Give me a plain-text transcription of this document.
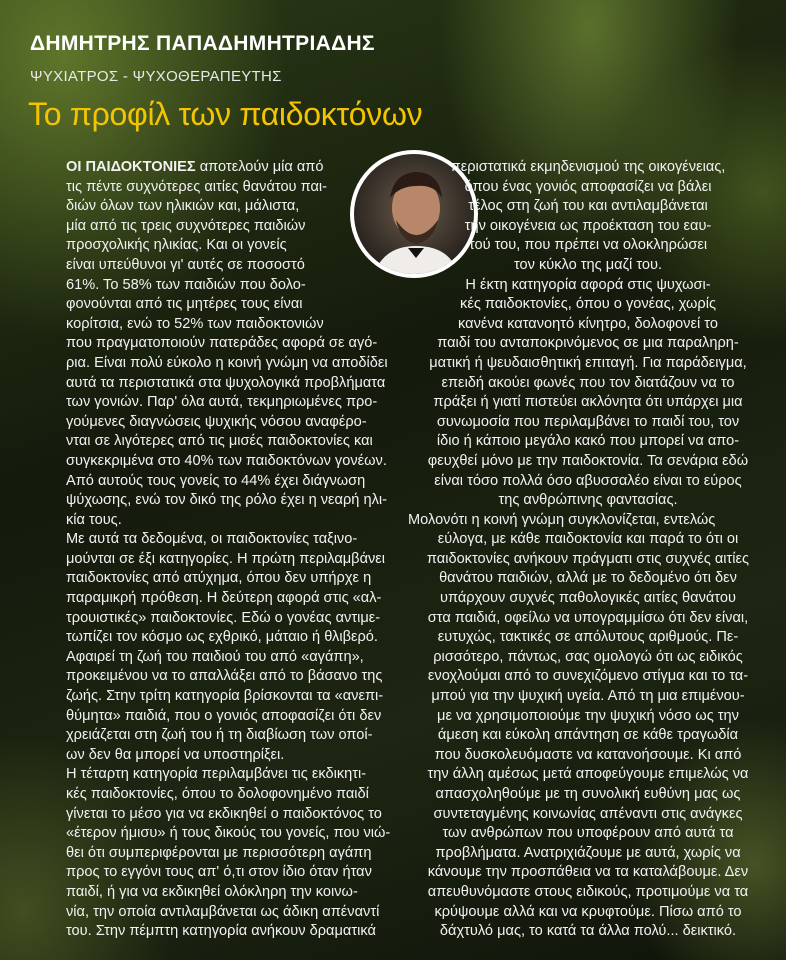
ΔΗΜΗΤΡΗΣ ΠΑΠΑΔΗΜΗΤΡΙΑΔΗΣ
ΨΥΧΙΑΤΡΟΣ - ΨΥΧΟΘΕΡΑΠΕΥΤΗΣ
Το προφίλ των παιδοκτόνων

ΟΙ ΠΑΙΔΟΚΤΟΝΙΕΣ αποτελούν μία από

τις πέντε συχνότερες αιτίες θανάτου παι-

διών όλων των ηλικιών και, μάλιστα,

μία από τις τρεις συχνότερες παιδιών

προσχολικής ηλικίας. Και οι γονείς

είναι υπεύθυνοι γι' αυτές σε ποσοστό

61%. Το 58% των παιδιών που δολο-

φονούνται από τις μητέρες τους είναι

κορίτσια, ενώ το 52% των παιδοκτονιών

που πραγματοποιούν πατεράδες αφορά σε αγό-

ρια. Είναι πολύ εύκολο η κοινή γνώμη να αποδίδει

αυτά τα περιστατικά στα ψυχολογικά προβλήματα

των γονιών. Παρ' όλα αυτά, τεκμηριωμένες προ-

γούμενες διαγνώσεις ψυχικής νόσου αναφέρο-

νται σε λιγότερες από τις μισές παιδοκτονίες και

συγκεκριμένα στο 40% των παιδοκτόνων γονέων.

Από αυτούς τους γονείς το 44% έχει διάγνωση

ψύχωσης, ενώ τον δικό της ρόλο έχει η νεαρή ηλι-

κία τους.

Με αυτά τα δεδομένα, οι παιδοκτονίες ταξινο-

μούνται σε έξι κατηγορίες. Η πρώτη περιλαμβάνει

παιδοκτονίες από ατύχημα, όπου δεν υπήρχε η

παραμικρή πρόθεση. Η δεύτερη αφορά στις «αλ-

τρουιστικές» παιδοκτονίες. Εδώ ο γονέας αντιμε-

τωπίζει τον κόσμο ως εχθρικό, μάταιο ή θλιβερό.

Αφαιρεί τη ζωή του παιδιού του από «αγάπη»,

προκειμένου να το απαλλάξει από το βάσανο της

ζωής. Στην τρίτη κατηγορία βρίσκονται τα «ανεπι-

θύμητα» παιδιά, που ο γονιός αποφασίζει ότι δεν

χρειάζεται στη ζωή του ή τη διαβίωση των οποί-

ων δεν θα μπορεί να υποστηρίξει.

Η τέταρτη κατηγορία περιλαμβάνει τις εκδικητι-

κές παιδοκτονίες, όπου το δολοφονημένο παιδί

γίνεται το μέσο για να εκδικηθεί ο παιδοκτόνος το

«έτερον ήμισυ» ή τους δικούς του γονείς, που νιώ-

θει ότι συμπεριφέρονται με περισσότερη αγάπη

προς το εγγόνι τους απ' ό,τι στον ίδιο όταν ήταν

παιδί, ή για να εκδικηθεί ολόκληρη την κοινω-

νία, την οποία αντιλαμβάνεται ως άδικη απέναντί

του. Στην πέμπτη κατηγορία ανήκουν δραματικά

περιστατικά εκμηδενισμού της οικογένειας,

όπου ένας γονιός αποφασίζει να βάλει

τέλος στη ζωή του και αντιλαμβάνεται

την οικογένεια ως προέκταση του εαυ-

τού του, που πρέπει να ολοκληρώσει

τον κύκλο της μαζί του.

Η έκτη κατηγορία αφορά στις ψυχωσι-

κές παιδοκτονίες, όπου ο γονέας, χωρίς

κανένα κατανοητό κίνητρο, δολοφονεί το

παιδί του ανταποκρινόμενος σε μια παραληρη-

ματική ή ψευδαισθητική επιταγή. Για παράδειγμα,

επειδή ακούει φωνές που τον διατάζουν να το

πράξει ή γιατί πιστεύει ακλόνητα ότι υπάρχει μια

συνωμοσία που περιλαμβάνει το παιδί του, τον

ίδιο ή κάποιο μεγάλο κακό που μπορεί να απο-

φευχθεί μόνο με την παιδοκτονία. Τα σενάρια εδώ

είναι τόσο πολλά όσο αβυσσαλέο είναι το εύρος

της ανθρώπινης φαντασίας.

Μολονότι η κοινή γνώμη συγκλονίζεται, εντελώς

εύλογα, με κάθε παιδοκτονία και παρά το ότι οι

παιδοκτονίες ανήκουν πράγματι στις συχνές αιτίες

θανάτου παιδιών, αλλά με το δεδομένο ότι δεν

υπάρχουν συχνές παθολογικές αιτίες θανάτου

στα παιδιά, οφείλω να υπογραμμίσω ότι δεν είναι,

ευτυχώς, τακτικές σε απόλυτους αριθμούς. Πε-

ρισσότερο, πάντως, σας ομολογώ ότι ως ειδικός

ενοχλούμαι από το συνεχιζόμενο στίγμα και το τα-

μπού για την ψυχική υγεία. Από τη μια επιμένου-

με να χρησιμοποιούμε την ψυχική νόσο ως την

άμεση και εύκολη απάντηση σε κάθε τραγωδία

που δυσκολευόμαστε να κατανοήσουμε. Κι από

την άλλη αμέσως μετά αποφεύγουμε επιμελώς να

απασχοληθούμε με τη συνολική ευθύνη μας ως

συντεταγμένης κοινωνίας απέναντι στις ανάγκες

των ανθρώπων που υποφέρουν από αυτά τα

προβλήματα. Ανατριχιάζουμε με αυτά, χωρίς να

κάνουμε την προσπάθεια να τα καταλάβουμε. Δεν

απευθυνόμαστε στους ειδικούς, προτιμούμε να τα

κρύψουμε αλλά και να κρυφτούμε. Πίσω από το

δάχτυλό μας, το κατά τα άλλα πολύ... δεικτικό.
